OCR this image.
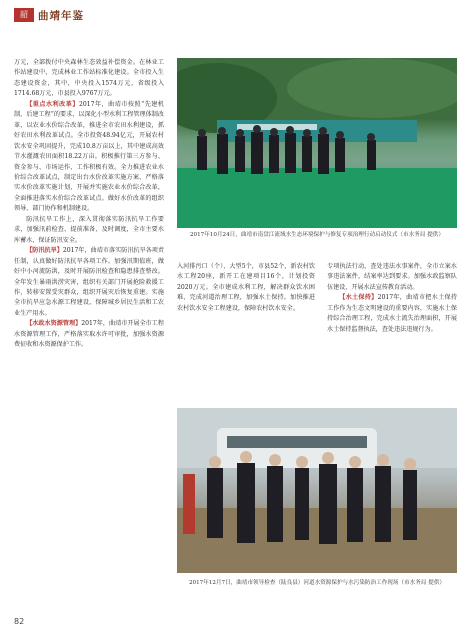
韶 曲靖年鉴

万元，全部拨付中央森林生态效益补偿资金。在林业工作站建设中，完成林业工作站标准化建设。全市投入生态建设资金，其中，中央投入1574万元，省级投入1714.68万元，市县投入9767万元。

【重点水利改革】2017年，曲靖市按照“先建机制，后建工程”的要求，以深化小型水利工程管理体制改革，以农业水价综合改革，推进全市农田水利建设，抓好农田水利改革试点。全市投资48.94亿元，开展农村饮水安全巩固提升，完成10.8万亩以上，其中建成高效节水灌溉农田面积18.22万亩。积极推行第三方参与、资金参与、市场运作，工作积极有效。全力推进农业水价综合改革试点，制定出台水价改革实施方案，严格落实水价改革实施计划，开展并实施农业水价综合改革，全面推进落实水价综合改革试点。做好水价改革的组织领导、部门协作和机制建设。

防汛抗旱工作上，深入贯彻落实防汛抗旱工作要求，加强汛前检查、提前准备、及时调度，全市主要水库蓄水，保证防汛安全。

【防汛抗旱】2017年，曲靖市落实防汛抗旱各项责任制，认真做好防汛抗旱各项工作。加强汛期值班，做好中小河流防洪，及时开展防汛检查和隐患排查整改。全年发生暴雨洪涝灾害，组织有关部门开展抢险救援工作，转移安置受灾群众，组织开展灾后恢复重建。实施全市抗旱应急水源工程建设，保障城乡居民生活和工农业生产用水。

【水政水资源管理】2017年，曲靖市开展全市工程水资源管理工作，严格落实取水许可审批，加强水资源费征收和水资源保护工作。

2017年10月24日，曲靖市南盘江流域水生态环境保护与修复专项治理行动启动仪式（市水务局 提供）

入河排污口（个），大型5个，市县52个，新农村饮水工程20座，新开工在建项目16个，计划投资2020万元。全市建成水利工程，解决群众饮水困难，完成河道治理工程，加强水土保持。加快推进农村饮水安全工程建设，保障农村饮水安全。

专项执法行动，查处违法水事案件，全市立案水事违法案件，结案率达到要求。加强水政监察队伍建设，开展水法宣传教育活动。

【水土保持】2017年，曲靖市把水土保持工作作为生态文明建设的重要内容，实施水土保持综合治理工程，完成水土流失治理面积，开展水土保持监督执法，查处违法违规行为。

2017年12月7日，曲靖市领导检查（陆良县）河道水资源保护与水污染防治工作现场（市水务局 提供）
82
